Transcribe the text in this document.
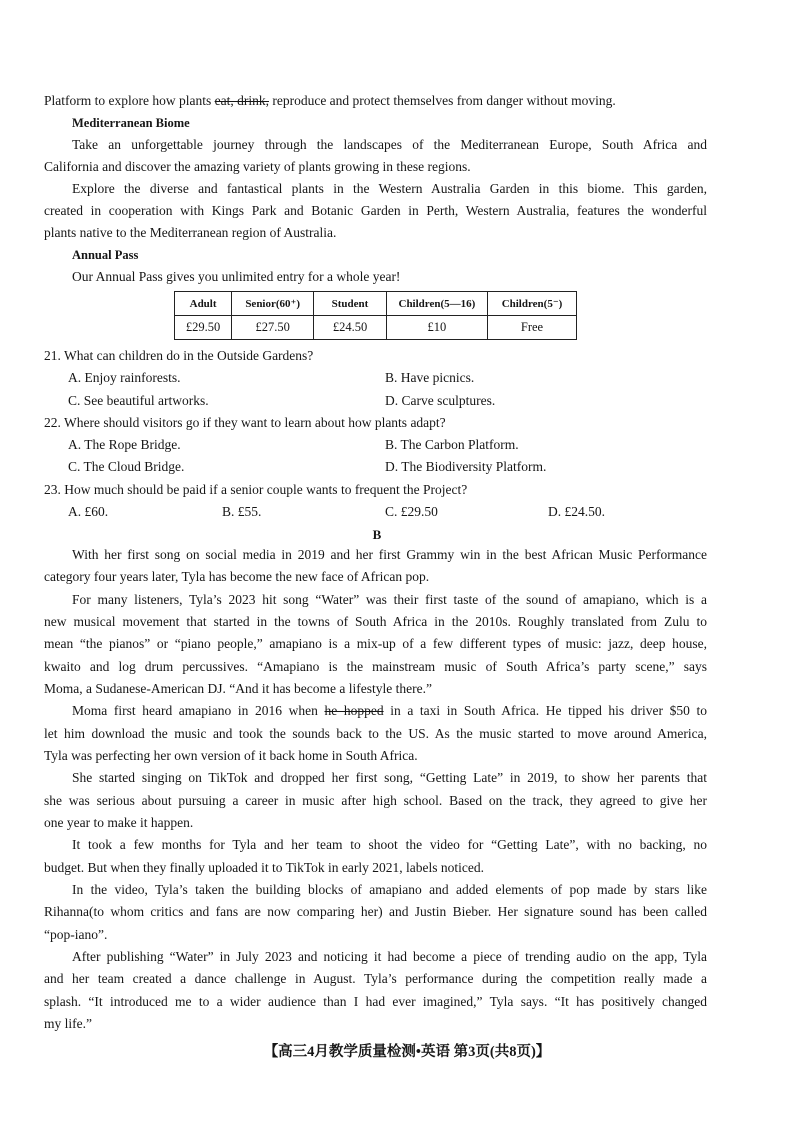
Platform to explore how plants eat, drink, reproduce and protect themselves from danger without moving.
Mediterranean Biome
Take an unforgettable journey through the landscapes of the Mediterranean Europe, South Africa and
California and discover the amazing variety of plants growing in these regions.
Explore the diverse and fantastical plants in the Western Australia Garden in this biome. This garden,
created in cooperation with Kings Park and Botanic Garden in Perth, Western Australia, features the wonderful
plants native to the Mediterranean region of Australia.
Annual Pass
Our Annual Pass gives you unlimited entry for a whole year!
Adult	Senior(60⁺)	Student	Children(5—16)	Children(5⁻)
£29.50	£27.50	£24.50	£10	Free
21. What can children do in the Outside Gardens?
A. Enjoy rainforests.	B. Have picnics.
C. See beautiful artworks.	D. Carve sculptures.
22. Where should visitors go if they want to learn about how plants adapt?
A. The Rope Bridge.	B. The Carbon Platform.
C. The Cloud Bridge.	D. The Biodiversity Platform.
23. How much should be paid if a senior couple wants to frequent the Project?
A. £60.	B. £55.	C. £29.50	D. £24.50.
B
With her first song on social media in 2019 and her first Grammy win in the best African Music Performance
category four years later, Tyla has become the new face of African pop.
For many listeners, Tyla’s 2023 hit song “Water” was their first taste of the sound of amapiano, which is a
new musical movement that started in the towns of South Africa in the 2010s. Roughly translated from Zulu to
mean “the pianos” or “piano people,” amapiano is a mix-up of a few different types of music: jazz, deep house,
kwaito and log drum percussives. “Amapiano is the mainstream music of South Africa’s party scene,” says
Moma, a Sudanese-American DJ. “And it has become a lifestyle there.”
Moma first heard amapiano in 2016 when he hopped in a taxi in South Africa. He tipped his driver $50 to
let him download the music and took the sounds back to the US. As the music started to move around America,
Tyla was perfecting her own version of it back home in South Africa.
She started singing on TikTok and dropped her first song, “Getting Late” in 2019, to show her parents that
she was serious about pursuing a career in music after high school. Based on the track, they agreed to give her
one year to make it happen.
It took a few months for Tyla and her team to shoot the video for “Getting Late”, with no backing, no
budget. But when they finally uploaded it to TikTok in early 2021, labels noticed.
In the video, Tyla’s taken the building blocks of amapiano and added elements of pop made by stars like
Rihanna(to whom critics and fans are now comparing her) and Justin Bieber. Her signature sound has been called
“pop-iano”.
After publishing “Water” in July 2023 and noticing it had become a piece of trending audio on the app, Tyla
and her team created a dance challenge in August. Tyla’s performance during the competition really made a
splash. “It introduced me to a wider audience than I had ever imagined,” Tyla says. “It has positively changed
my life.”
【高三4月教学质量检测•英语 第3页(共8页)】
